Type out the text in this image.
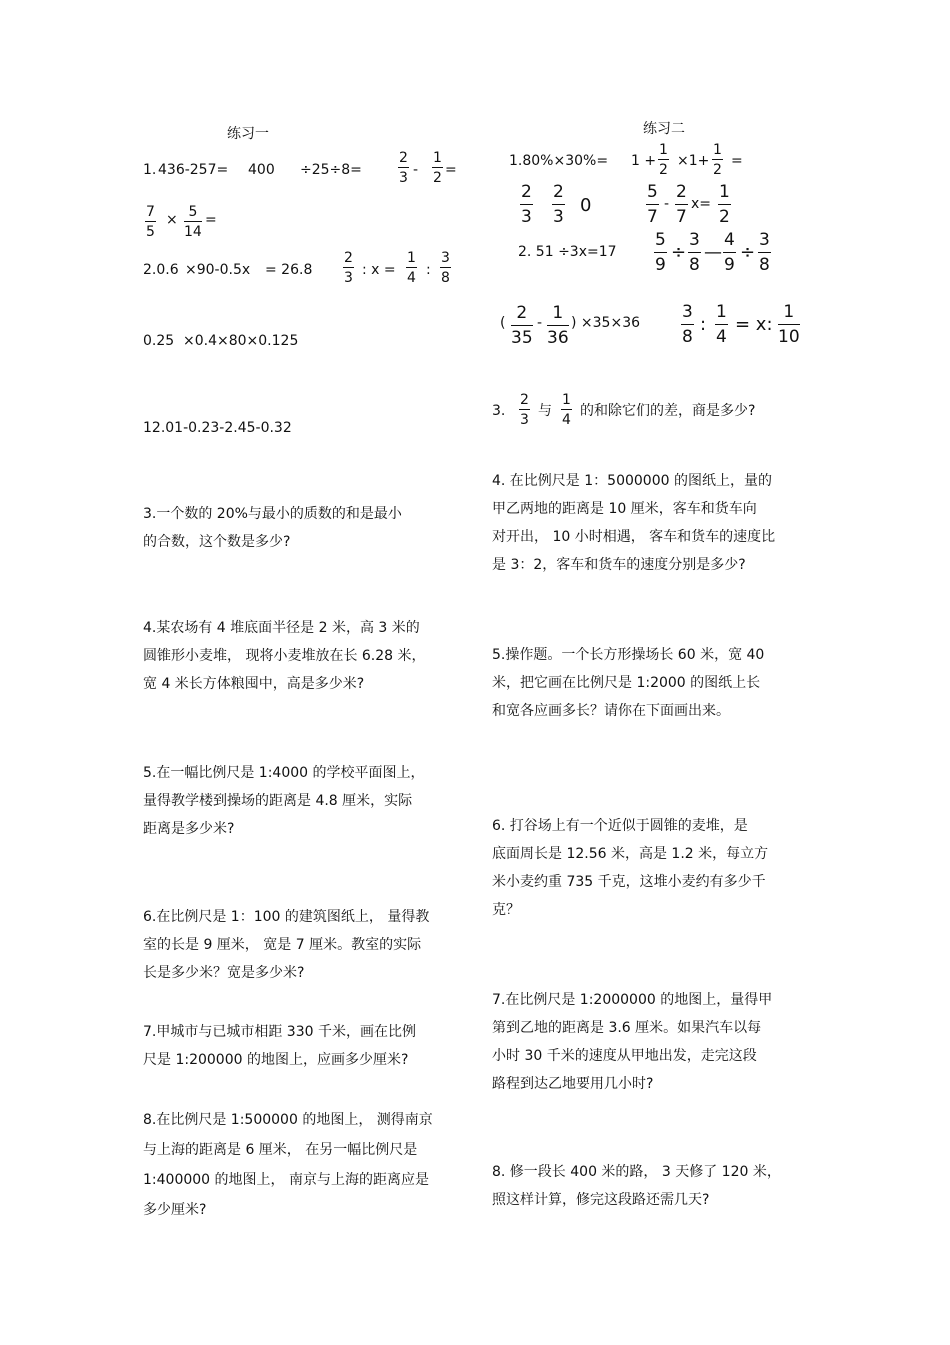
练习一
1. 436-257= 400 ÷25÷8=
2
3 -
1
2 =
7
5
× 5
14
=
2.0.6 ×90-0.5x = 26.8
2
3 : x =
1
4 :
3
8
0.25 ×0.4×80×0.125
12.01-0.23-2.45-0.32
3.一个数的 20%与最小的质数的和是最小
的合数，这个数是多少?
4.某农场有 4 堆底面半径是 2 米，高 3 米的
圆锥形小麦堆， 现将小麦堆放在长 6.28 米，
宽 4 米长方体粮囤中，高是多少米?
5.在一幅比例尺是 1:4000 的学校平面图上，
量得教学楼到操场的距离是 4.8 厘米，实际
距离是多少米?
6.在比例尺是 1：100 的建筑图纸上， 量得教
室的长是 9 厘米， 宽是 7 厘米。教室的实际
长是多少米？宽是多少米?
7.甲城市与已城市相距 330 千米，画在比例
尺是 1:200000 的地图上，应画多少厘米?
8.在比例尺是 1:500000 的地图上， 测得南京
与上海的距离是 6 厘米， 在另一幅比例尺是
1:400000 的地图上， 南京与上海的距离应是
多少厘米?
练习二
1.80%×30%= 1 +
1
2
×1+
1
2
=
2
3
2
3
0
5
7
-
2
7
x=
1
2
2. 51 ÷3x=17
5
9
÷
3
8
—
4
9
÷
3
8
( 2
35
- 1
36
) ×35×36
3
8
:
1
4
= x:
1
10
3.
2
3
与
1
4
的和除它们的差，商是多少?
4. 在比例尺是 1：5000000 的图纸上，量的
甲乙两地的距离是 10 厘米，客车和货车向
对开出， 10 小时相遇， 客车和货车的速度比
是 3：2，客车和货车的速度分别是多少?
5.操作题。一个长方形操场长 60 米，宽 40
米，把它画在比例尺是 1:2000 的图纸上长
和宽各应画多长？请你在下面画出来。
6. 打谷场上有一个近似于圆锥的麦堆，是
底面周长是 12.56 米，高是 1.2 米，每立方
米小麦约重 735 千克，这堆小麦约有多少千
克？
7.在比例尺是 1:2000000 的地图上，量得甲
第到乙地的距离是 3.6 厘米。如果汽车以每
小时 30 千米的速度从甲地出发，走完这段
路程到达乙地要用几小时?
8. 修一段长 400 米的路， 3 天修了 120 米，
照这样计算，修完这段路还需几天?
